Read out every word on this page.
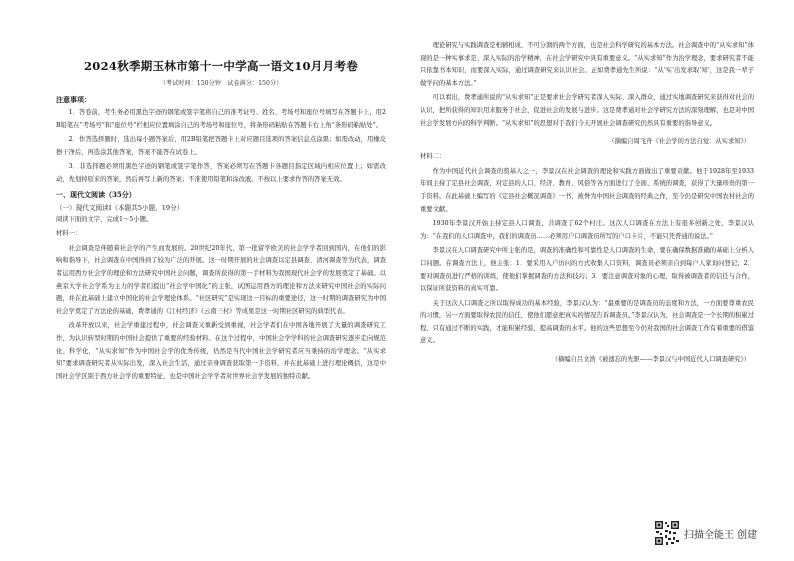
2024秋季期玉林市第十一中学高一语文10月月考卷
（考试时间：150分钟　试卷满分：150分）
注意事项：

1．答卷前，考生务必用黑色字迹的钢笔或签字笔将自己的准考证号、姓名、考场号和座位号填写在答题卡上，用2B铅笔在“考场号”和“座位号”栏相应位置填涂自己的考场号和座位号，将条形码粘贴在答题卡右上角“条形码粘贴处”。

2．作答选择题时，选出每小题答案后，用2B铅笔把答题卡上对应题目选项的答案信息点涂黑；如需改动，用橡皮擦干净后，再选涂其他答案，答案不能答在试卷上。

3．非选择题必须用黑色字迹的钢笔或签字笔作答，答案必须写在答题卡各题目指定区域内相应位置上；如需改动，先划掉原来的答案，然后再写上新的答案；不准使用铅笔和涂改液。不按以上要求作答的答案无效。

一、现代文阅读（35分）
（一）现代文阅读Ⅰ（本题共5小题，19分）

阅读下面的文字，完成1～5小题。

材料一：

社会调查是伴随着社会学的产生而发展的。20世纪20年代，第一批留学欧美的社会学学者回到国内，在他们的影响和指导下，社会调查在中国得到了较为广泛的开展。这一时期开展的社会调查以定县调查、清河调查等为代表，调查者运用西方社会学的理论和方法研究中国社会问题，调查所获得的第一手材料为我国现代社会学的发展奠定了基础。以燕京大学社会学系为主力的学者们提出“社会学中国化”的主张，试图运用西方的理论和方法来研究中国社会的实际问题，并在此基础上建立中国化的社会学理论体系。“社区研究”是实现这一目标的重要途径，这一时期的调查研究为中国社会学奠定了方法论的基础，费孝通的《江村经济》《云南三村》等成果是这一时期社区研究的典型代表。

改革开放以来，社会学重建过程中，社会调查又重新受到重视，社会学者们在中国各地开展了大量的调查研究工作，为认识转型时期的中国社会提供了重要的经验材料。在这个过程中，中国社会学学科的社会调查研究逐步走向规范化、科学化，“从实求知”作为中国社会学的优秀传统，仍然是当代中国社会学研究者应当秉持的治学理念。“从实求知”要求调查研究者从实际出发，深入社会生活，通过亲身调查获取第一手资料，并在此基础上进行理论概括，这是中国社会学区别于西方社会学的重要特征，也是中国社会学学者对世界社会学发展的独特贡献。

理论研究与实践调查是相辅相成、不可分割的两个方面，也是社会科学研究的基本方法。社会调查中的“从实求知”体现的是一种实事求是、深入实际的治学精神，在社会学研究中具有重要意义。“从实求知”作为治学理念，要求研究者不能只依靠书本知识，而要深入实际，通过调查研究来认识社会。正如费孝通先生所说：“从‘实’出发求取‘知’，这是我一辈子做学问的基本方法。”

可以看出，费孝通所说的“从实求知”正是要求社会学研究者深入实际、深入群众，通过实地调查研究来获得对社会的认识，把所获得的知识用来服务于社会，促进社会的发展与进步。这是费孝通对社会学研究方法的深刻理解，也是对中国社会学发展方向的科学判断。“从实求知”的思想对于我们今天开展社会调查研究仍然具有重要的指导意义。

（摘编自周飞舟《社会学的方法自觉：从实求知》）

材料二：

作为中国近代社会调查的奠基人之一，李景汉在社会调查的理论和实践方面做出了重要贡献。他于1928年至1933年间主持了定县社会调查，对定县的人口、经济、教育、风俗等各方面进行了全面、系统的调查，获得了大量珍贵的第一手资料。在此基础上编写的《定县社会概况调查》一书，被誉为中国社会调查的经典之作，至今仍是研究中国农村社会的重要文献。

1930年李景汉开始主持定县人口调查，共调查了62个村庄。这次人口调查在方法上有很多创新之处，李景汉认为：“在我们的人口调查中，我们的调查员……必须用户口调查员所写的户口卡片，不能只凭普通的说法。”

李景汉在人口调查研究中所主张的是，调查的准确性和可靠性是人口调查的生命，要在确保数据准确的基础上分析人口问题。在调查方法上，他主张：1．要采用入户访问的方式收集人口资料，调查员必须亲自到每户人家询问登记；2．要对调查员进行严格的训练，使他们掌握调查的方法和技巧；3．要注意调查对象的心理，取得被调查者的信任与合作，以保证所获资料的真实可靠。

关于这次人口调查之所以取得成功的基本经验，李景汉认为：“最重要的是调查员的态度和方法，一方面要尊重农民的习惯，另一方面要取得农民的信任，使他们愿意把真实的情况告诉调查员。”李景汉认为，社会调查是一个长期的积累过程，只有通过不断的实践，才能积累经验，提高调查的水平。他的这些思想至今仍对我国的社会调查工作有着重要的借鉴意义。

（摘编自吕文浩《被遗忘的先驱——李景汉与中国近代人口调查研究》）
扫描全能王 创建
